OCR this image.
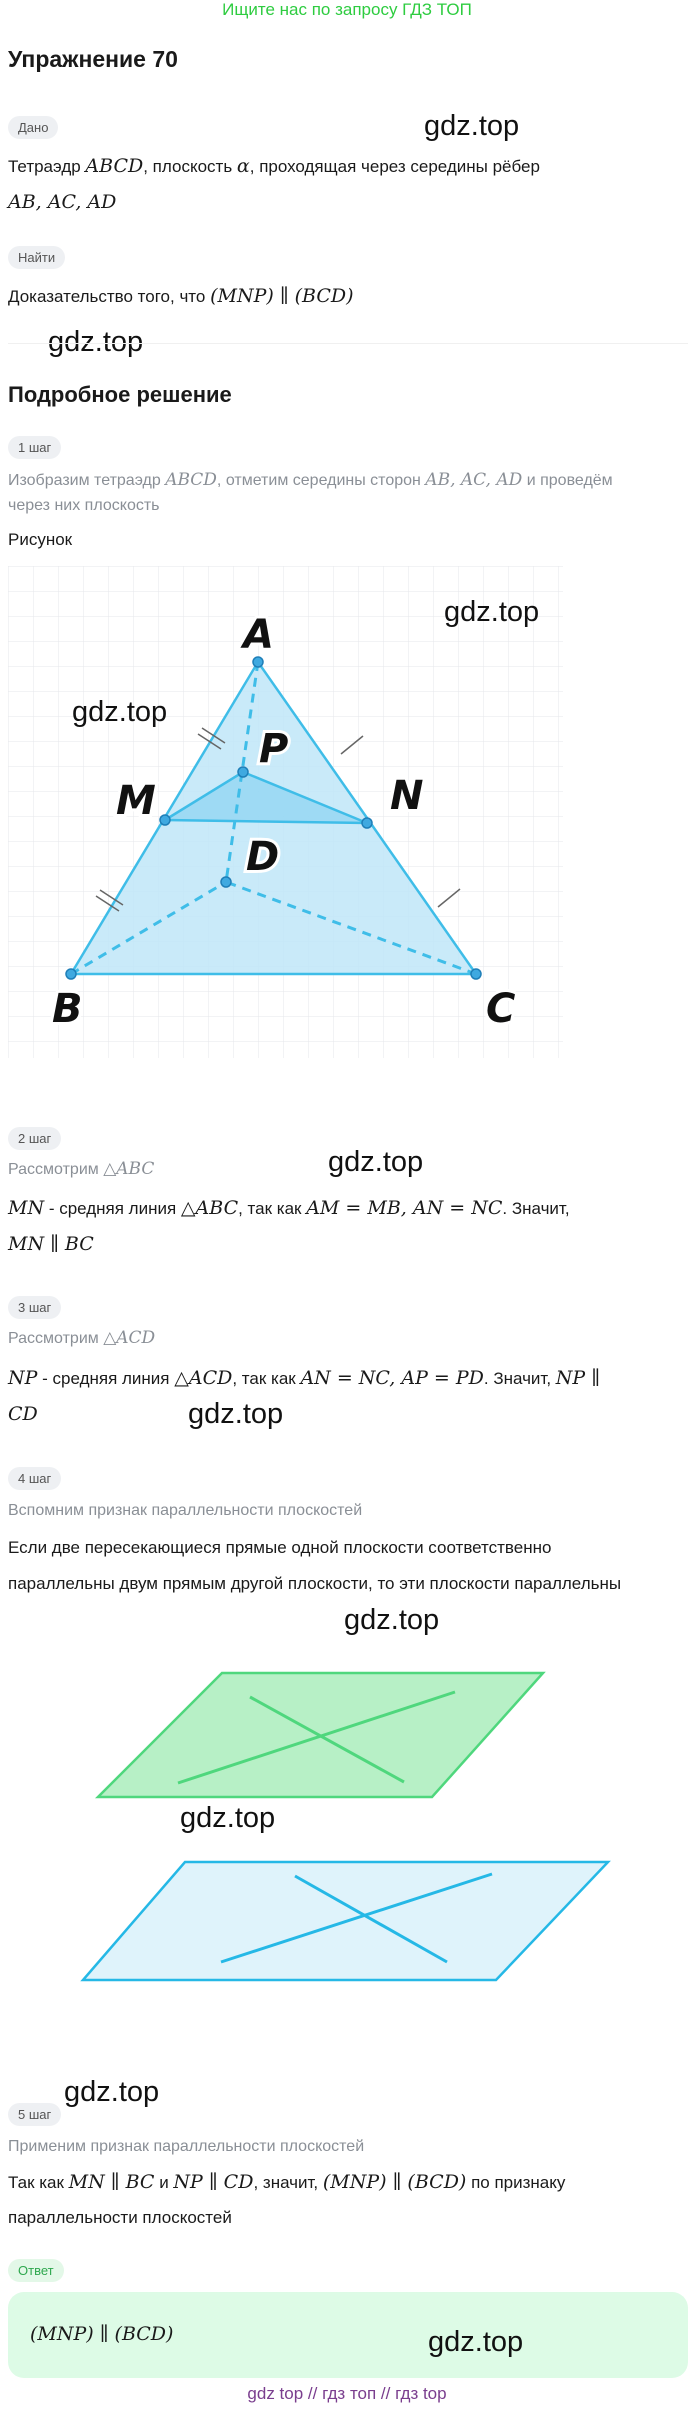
Ищите нас по запросу ГДЗ ТОП
Упражнение 70
Дано	gdz.top
Тетраэдр ABCD, плоскость α, проходящая через середины рёбер
AB, AC, AD
Найти
Доказательство того, что (MNP) ∥ (BCD)
gdz.top
Подробное решение
1 шаг
Изобразим тетраэдр ABCD, отметим середины сторон AB, AC, AD и проведём
через них плоскость
Рисунок
A
B	C
D
M	N
P
gdz.top
gdz.top
2 шаг
Рассмотрим △ABC	gdz.top
MN - средняя линия △ABC, так как AM = MB, AN = NC. Значит,
MN ∥ BC
3 шаг
Рассмотрим △ACD
NP - средняя линия △ACD, так как AN = NC, AP = PD. Значит, NP ∥
CD	gdz.top
4 шаг
Вспомним признак параллельности плоскостей
Если две пересекающиеся прямые одной плоскости соответственно
параллельны двум прямым другой плоскости, то эти плоскости параллельны
gdz.top
gdz.top
gdz.top
5 шаг
Применим признак параллельности плоскостей
Так как MN ∥ BC и NP ∥ CD, значит, (MNP) ∥ (BCD) по признаку
параллельности плоскостей
Ответ
(MNP) ∥ (BCD)	gdz.top
gdz top // гдз топ // гдз top
